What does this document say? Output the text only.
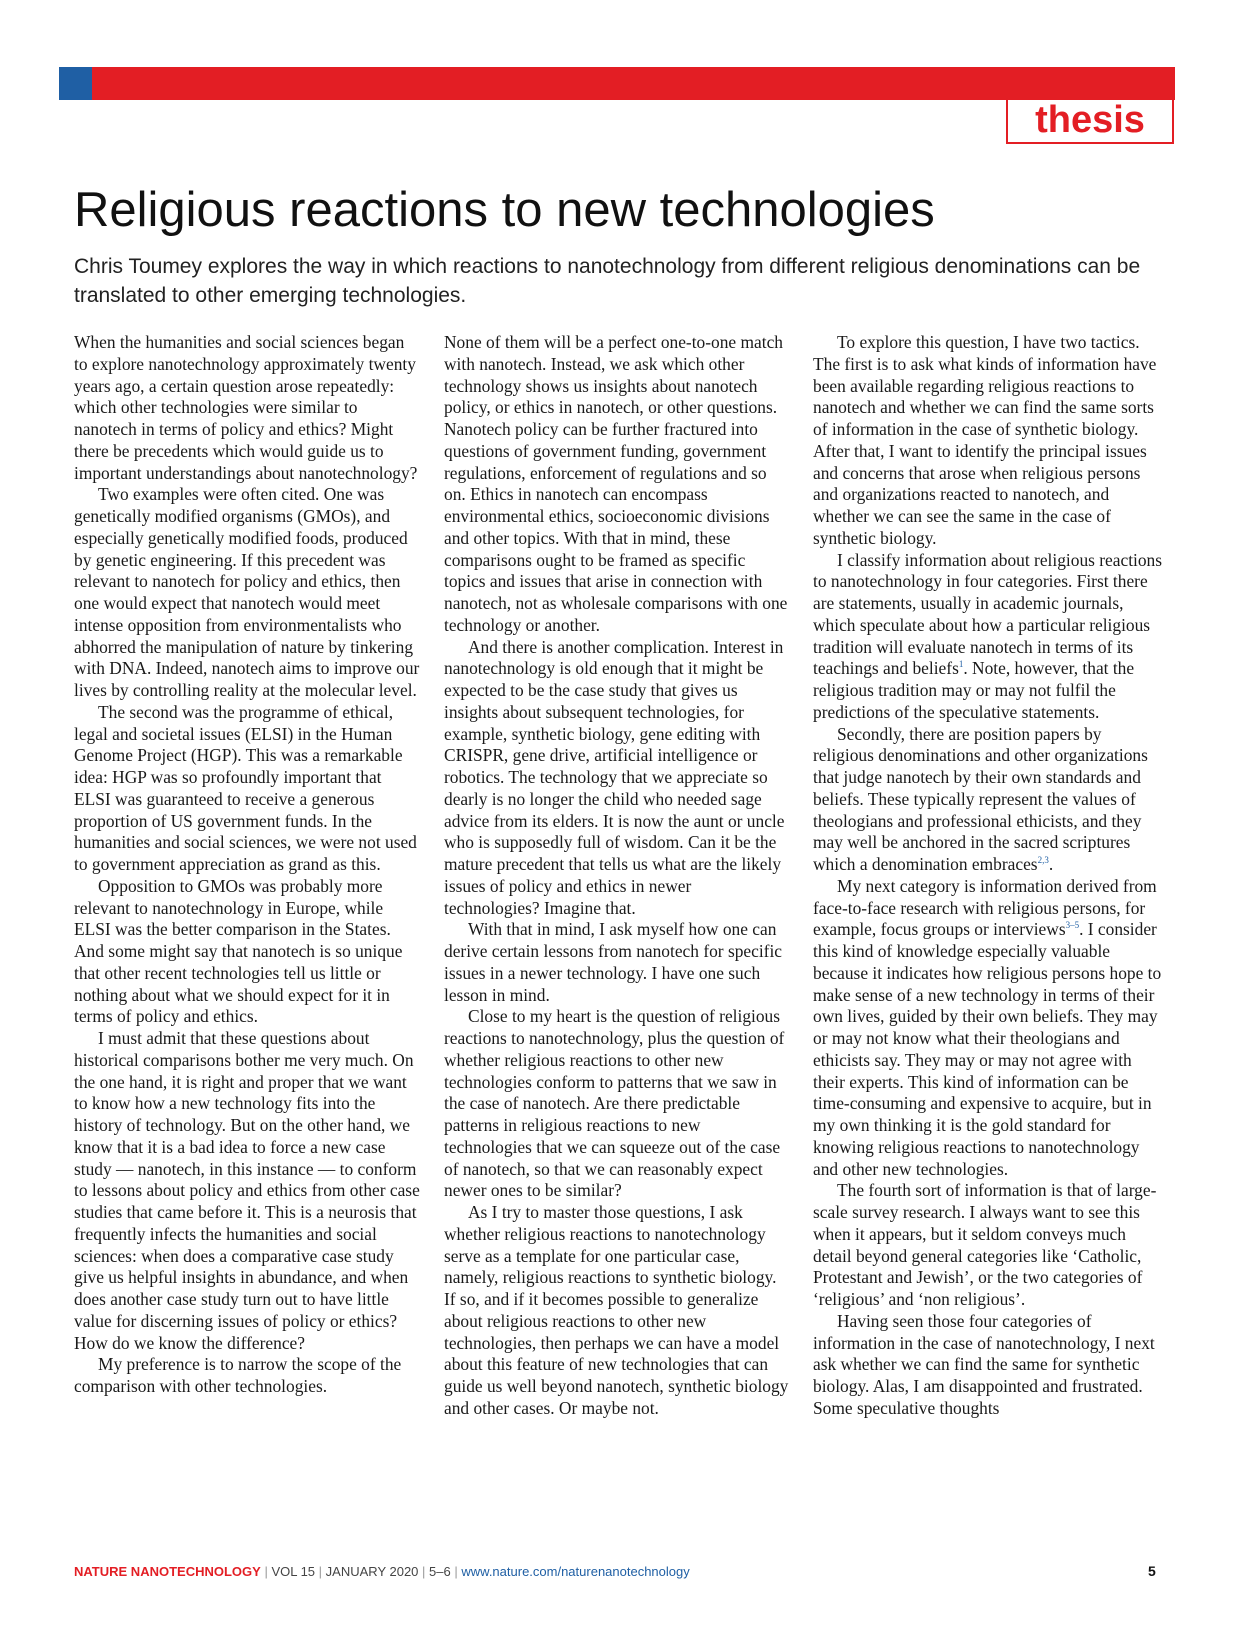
thesis
Religious reactions to new technologies

Chris Toumey explores the way in which reactions to nanotechnology from different religious denominations can be translated to other emerging technologies.

When the humanities and social sciences began to explore nanotechnology approximately twenty years ago, a certain question arose repeatedly: which other technologies were similar to nanotech in terms of policy and ethics? Might there be precedents which would guide us to important understandings about nanotechnology?

Two examples were often cited. One was genetically modified organisms (GMOs), and especially genetically modified foods, produced by genetic engineering. If this precedent was relevant to nanotech for policy and ethics, then one would expect that nanotech would meet intense opposition from environmentalists who abhorred the manipulation of nature by tinkering with DNA. Indeed, nanotech aims to improve our lives by controlling reality at the molecular level.

The second was the programme of ethical, legal and societal issues (ELSI) in the Human Genome Project (HGP). This was a remarkable idea: HGP was so profoundly important that ELSI was guaranteed to receive a generous proportion of US government funds. In the humanities and social sciences, we were not used to government appreciation as grand as this.

Opposition to GMOs was probably more relevant to nanotechnology in Europe, while ELSI was the better comparison in the States. And some might say that nanotech is so unique that other recent technologies tell us little or nothing about what we should expect for it in terms of policy and ethics.

I must admit that these questions about historical comparisons bother me very much. On the one hand, it is right and proper that we want to know how a new technology fits into the history of technology. But on the other hand, we know that it is a bad idea to force a new case study — nanotech, in this instance — to conform to lessons about policy and ethics from other case studies that came before it. This is a neurosis that frequently infects the humanities and social sciences: when does a comparative case study give us helpful insights in abundance, and when does another case study turn out to have little value for discerning issues of policy or ethics? How do we know the difference?

My preference is to narrow the scope of the comparison with other technologies.

None of them will be a perfect one-to-one match with nanotech. Instead, we ask which other technology shows us insights about nanotech policy, or ethics in nanotech, or other questions. Nanotech policy can be further fractured into questions of government funding, government regulations, enforcement of regulations and so on. Ethics in nanotech can encompass environmental ethics, socioeconomic divisions and other topics. With that in mind, these comparisons ought to be framed as specific topics and issues that arise in connection with nanotech, not as wholesale comparisons with one technology or another.

And there is another complication. Interest in nanotechnology is old enough that it might be expected to be the case study that gives us insights about subsequent technologies, for example, synthetic biology, gene editing with CRISPR, gene drive, artificial intelligence or robotics. The technology that we appreciate so dearly is no longer the child who needed sage advice from its elders. It is now the aunt or uncle who is supposedly full of wisdom. Can it be the mature precedent that tells us what are the likely issues of policy and ethics in newer technologies? Imagine that.

With that in mind, I ask myself how one can derive certain lessons from nanotech for specific issues in a newer technology. I have one such lesson in mind.

Close to my heart is the question of religious reactions to nanotechnology, plus the question of whether religious reactions to other new technologies conform to patterns that we saw in the case of nanotech. Are there predictable patterns in religious reactions to new technologies that we can squeeze out of the case of nanotech, so that we can reasonably expect newer ones to be similar?

As I try to master those questions, I ask whether religious reactions to nanotechnology serve as a template for one particular case, namely, religious reactions to synthetic biology. If so, and if it becomes possible to generalize about religious reactions to other new technologies, then perhaps we can have a model about this feature of new technologies that can guide us well beyond nanotech, synthetic biology and other cases. Or maybe not.

To explore this question, I have two tactics. The first is to ask what kinds of information have been available regarding religious reactions to nanotech and whether we can find the same sorts of information in the case of synthetic biology. After that, I want to identify the principal issues and concerns that arose when religious persons and organizations reacted to nanotech, and whether we can see the same in the case of synthetic biology.

I classify information about religious reactions to nanotechnology in four categories. First there are statements, usually in academic journals, which speculate about how a particular religious tradition will evaluate nanotech in terms of its teachings and beliefs$^1$. Note, however, that the religious tradition may or may not fulfil the predictions of the speculative statements.

Secondly, there are position papers by religious denominations and other organizations that judge nanotech by their own standards and beliefs. These typically represent the values of theologians and professional ethicists, and they may well be anchored in the sacred scriptures which a denomination embraces$^{2,3}$.

My next category is information derived from face-to-face research with religious persons, for example, focus groups or interviews$^{3-5}$. I consider this kind of knowledge especially valuable because it indicates how religious persons hope to make sense of a new technology in terms of their own lives, guided by their own beliefs. They may or may not know what their theologians and ethicists say. They may or may not agree with their experts. This kind of information can be time-consuming and expensive to acquire, but in my own thinking it is the gold standard for knowing religious reactions to nanotechnology and other new technologies.

The fourth sort of information is that of large-scale survey research. I always want to see this when it appears, but it seldom conveys much detail beyond general categories like ‘Catholic, Protestant and Jewish’, or the two categories of ‘religious’ and ‘non religious’.

Having seen those four categories of information in the case of nanotechnology, I next ask whether we can find the same for synthetic biology. Alas, I am disappointed and frustrated. Some speculative thoughts

NATURE NANOTECHNOLOGY | VOL 15 | JANUARY 2020 | 5–6 | www.nature.com/naturenanotechnology	5
